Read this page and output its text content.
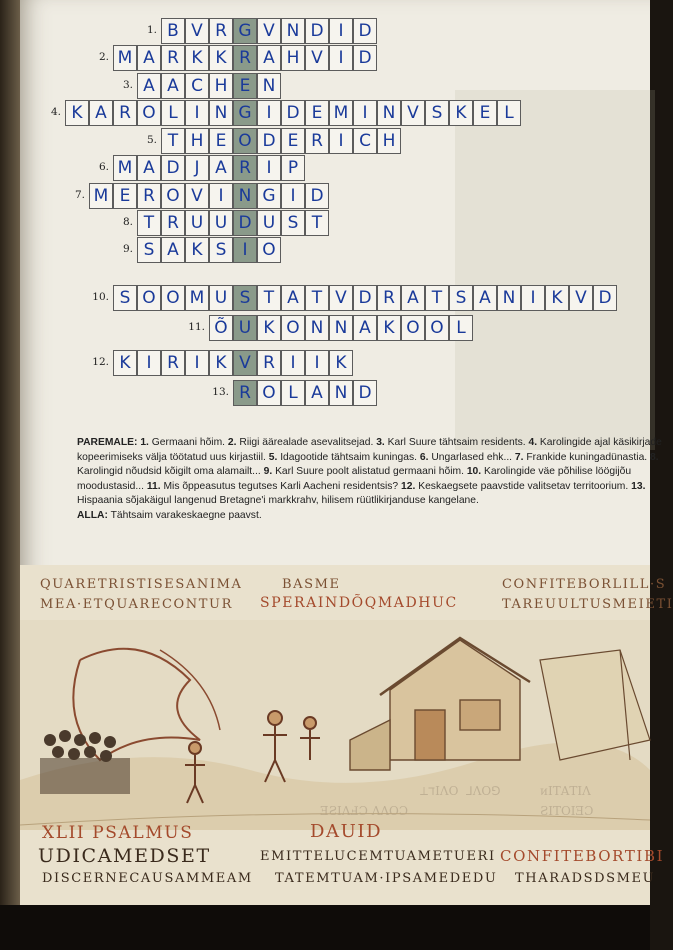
1. B V R G V N D I D
2. M A R K K R A H V I D
3. A A C H E N
4. K A R O L I N G I D E M I N V S K E L
5. T H E O D E R I C H
6. M A D J A R I P
7. M E R O V I N G I D
8. T R U U D U S T
9. S A K S I O
10. S O O M U S T A T V D R A T S A N I K V D
11. Õ U K O N N A K O O L
12. K I R I K V R I	I K
13. R O L A N D
PAREMALE: 1. Germaani hõim. 2. Riigi äärealade asevalitsejad. 3. Karl Suure tähtsaim residents. 4. Karolingide ajal käsikirjade kopeerimiseks välja töötatud uus kirjastiil. 5. Idagootide tähtsaim kuningas. 6. Ungarlased ehk... 7. Frankide kuningadünastia. 8. Karolingid nõudsid kõigilt oma alamailt... 9. Karl Suure poolt alistatud germaani hõim. 10. Karolingide väe põhilise löögijõu moodustasid... 11. Mis õppeasutus tegutses Karli Aacheni residentsis? 12. Keskaegsete paavstide valitsetav territoorium. 13. Hispaania sõjakäigul langenud Bretagne'i markkrahv, hilisem rüütlikirjanduse kangelane.
ALLA: Tähtsaim varakeskaegne paavst.
QUAREТRISTISESANIMA	BASME	CONFITEBORLILL·S
MEA·ETQUARECONTUR SPERAINDÕQMADHUC	TAREUULTUSMEIETI
⟂ℸIΛO ⁠ ⅃ΛO⅁	ᴎIΤΑΤIΛ
ƎƧIΛℲƆ ΛΛOƆ	ƧIΤOIƎƆ
XLII PSALMUS	DAUID
UDICAMEDSET	EMITTELUCEMTUAMETUERI CONFITEBORTIBI
DISCERNECAUSAMMEAM TATEMTUAM·IPSAMEDEDU THARADSDSMEU
